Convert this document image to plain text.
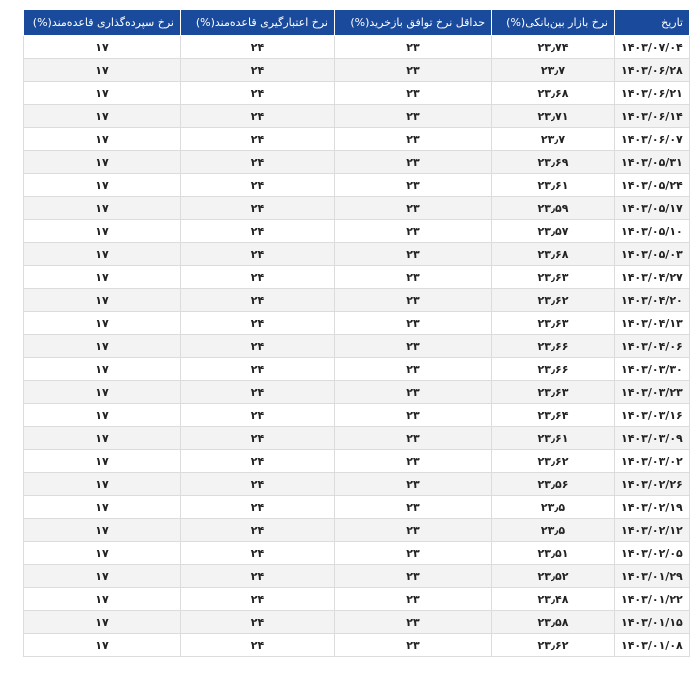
تاریخ	نرخ بازار بین‌بانکی(%)	حداقل نرخ توافق بازخرید(%)	نرخ اعتبارگیری قاعده‌مند(%)	نرخ سپرده‌گذاری قاعده‌مند(%)
۱۴۰۳/۰۷/۰۴	۲۳٫۷۴	۲۳	۲۴	۱۷
۱۴۰۳/۰۶/۲۸	۲۳٫۷	۲۳	۲۴	۱۷
۱۴۰۳/۰۶/۲۱	۲۳٫۶۸	۲۳	۲۴	۱۷
۱۴۰۳/۰۶/۱۴	۲۳٫۷۱	۲۳	۲۴	۱۷
۱۴۰۳/۰۶/۰۷	۲۳٫۷	۲۳	۲۴	۱۷
۱۴۰۳/۰۵/۳۱	۲۳٫۶۹	۲۳	۲۴	۱۷
۱۴۰۳/۰۵/۲۴	۲۳٫۶۱	۲۳	۲۴	۱۷
۱۴۰۳/۰۵/۱۷	۲۳٫۵۹	۲۳	۲۴	۱۷
۱۴۰۳/۰۵/۱۰	۲۳٫۵۷	۲۳	۲۴	۱۷
۱۴۰۳/۰۵/۰۳	۲۳٫۶۸	۲۳	۲۴	۱۷
۱۴۰۳/۰۴/۲۷	۲۳٫۶۳	۲۳	۲۴	۱۷
۱۴۰۳/۰۴/۲۰	۲۳٫۶۲	۲۳	۲۴	۱۷
۱۴۰۳/۰۴/۱۳	۲۳٫۶۳	۲۳	۲۴	۱۷
۱۴۰۳/۰۴/۰۶	۲۳٫۶۶	۲۳	۲۴	۱۷
۱۴۰۳/۰۳/۳۰	۲۳٫۶۶	۲۳	۲۴	۱۷
۱۴۰۳/۰۳/۲۳	۲۳٫۶۳	۲۳	۲۴	۱۷
۱۴۰۳/۰۳/۱۶	۲۳٫۶۴	۲۳	۲۴	۱۷
۱۴۰۳/۰۳/۰۹	۲۳٫۶۱	۲۳	۲۴	۱۷
۱۴۰۳/۰۳/۰۲	۲۳٫۶۲	۲۳	۲۴	۱۷
۱۴۰۳/۰۲/۲۶	۲۳٫۵۶	۲۳	۲۴	۱۷
۱۴۰۳/۰۲/۱۹	۲۳٫۵	۲۳	۲۴	۱۷
۱۴۰۳/۰۲/۱۲	۲۳٫۵	۲۳	۲۴	۱۷
۱۴۰۳/۰۲/۰۵	۲۳٫۵۱	۲۳	۲۴	۱۷
۱۴۰۳/۰۱/۲۹	۲۳٫۵۲	۲۳	۲۴	۱۷
۱۴۰۳/۰۱/۲۲	۲۳٫۴۸	۲۳	۲۴	۱۷
۱۴۰۳/۰۱/۱۵	۲۳٫۵۸	۲۳	۲۴	۱۷
۱۴۰۳/۰۱/۰۸	۲۳٫۶۲	۲۳	۲۴	۱۷
